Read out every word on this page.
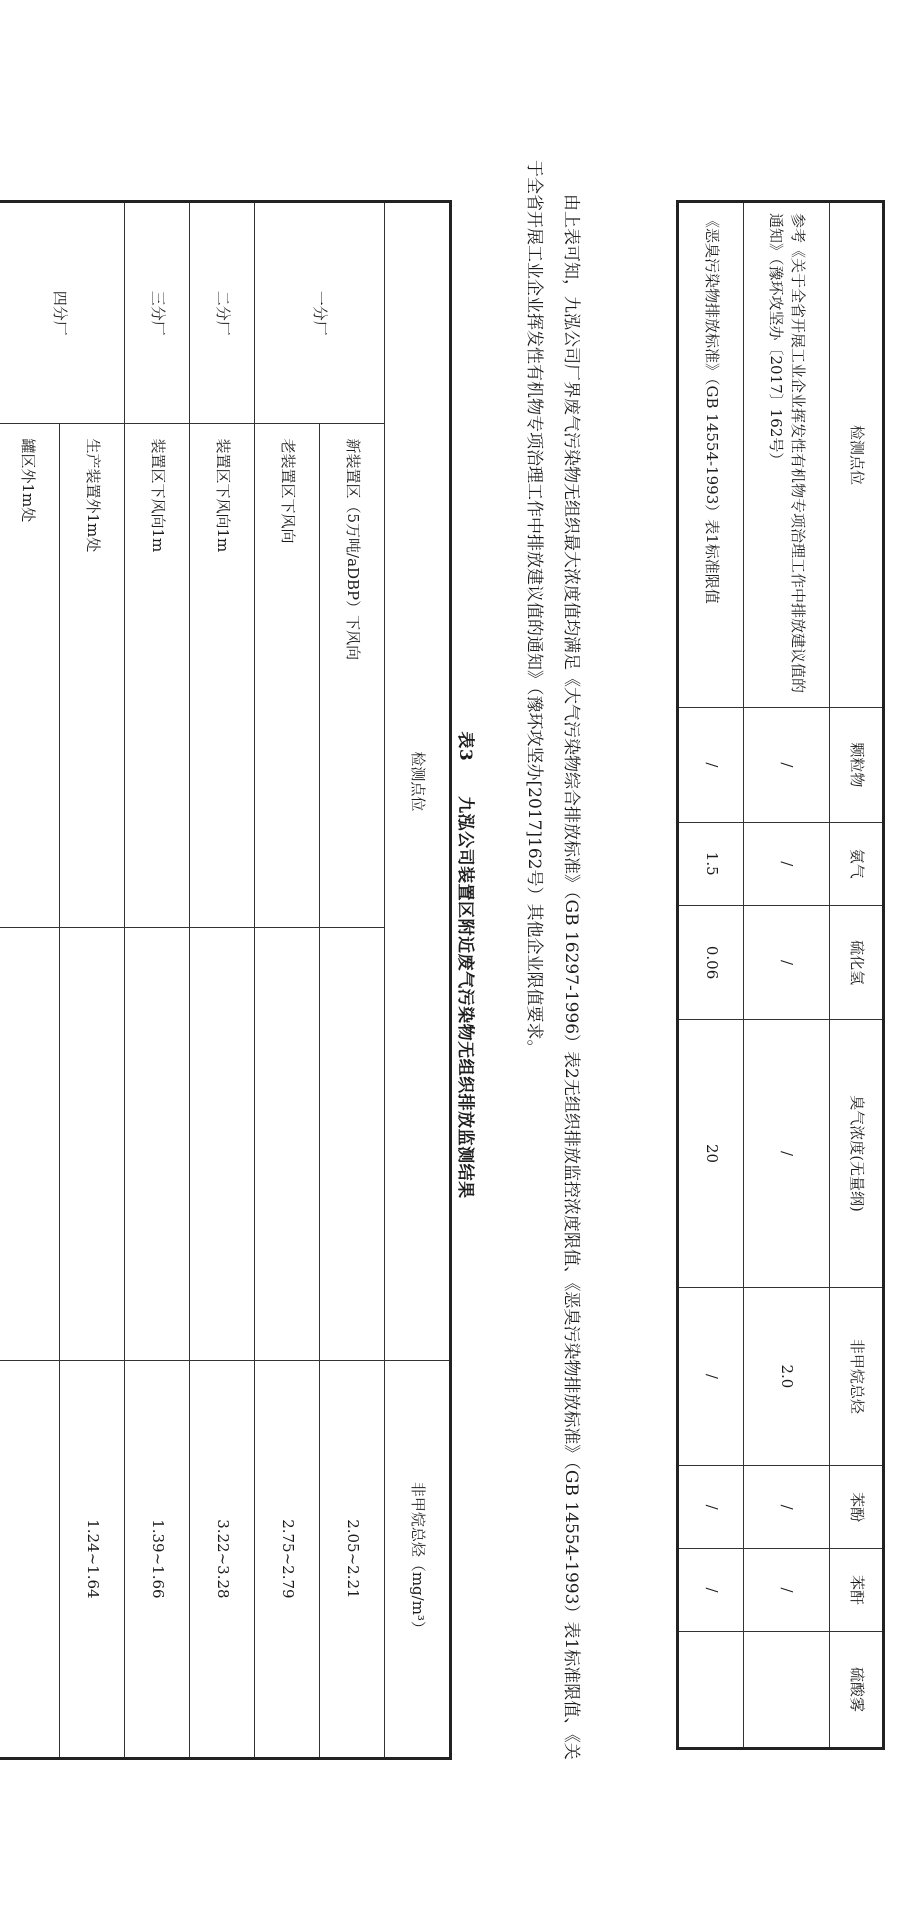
检测点位	颗粒物	氨气	硫化氢	臭气浓度(无量纲)	非甲烷总烃	苯酚	苯酐	硫酸雾
参考《关于全省开展工业企业挥发性有机物专项治理工作中排放建议值的通知》（豫环攻坚办〔2017〕162号）	/	/	/	/	2.0	/	/	
《恶臭污染物排放标准》（GB 14554-1993）表1标准限值	/	1.5	0.06	20	/	/	/	

由上表可知，九泓公司厂界废气污染物无组织最大浓度值均满足《大气污染物综合排放标准》（GB 16297-1996）表2无组织排放监控浓度限值、《恶臭污染物排放标准》（GB 14554-1993）表1标准限值、《关于全省开展工业企业挥发性有机物专项治理工作中排放建议值的通知》（豫环攻坚办[2017]162号）其他企业限值要求。

表3　　九泓公司装置区附近废气污染物无组织排放监测结果
检测点位			非甲烷总烃（mg/m³）
一分厂	新装置区（5万吨/aDBP）下风向		2.05~2.21
	老装置区下风向		2.75~2.79
二分厂	装置区下风向1m		3.22~3.28
三分厂	装置区下风向1m		1.39~1.66
四分厂	生产装置外1m处		1.24~1.64
	罐区外1m处		
